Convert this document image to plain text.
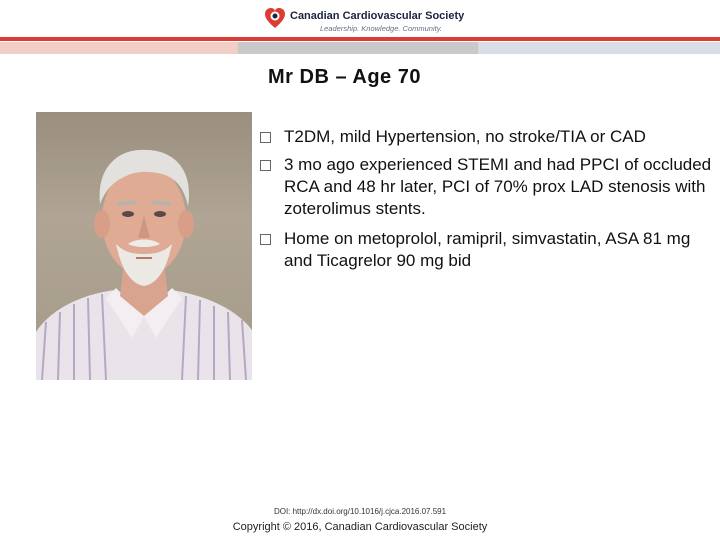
Canadian Cardiovascular Society
Leadership. Knowledge. Community.
Mr DB – Age 70
T2DM, mild Hypertension, no stroke/TIA or CAD
3 mo ago experienced STEMI and had PPCI of occluded RCA and 48 hr later, PCI of 70% prox LAD stenosis with zoterolimus stents.
Home on metoprolol, ramipril, simvastatin, ASA 81 mg and Ticagrelor 90 mg bid
DOI: http://dx.doi.org/10.1016/j.cjca.2016.07.591
Copyright © 2016, Canadian Cardiovascular Society
